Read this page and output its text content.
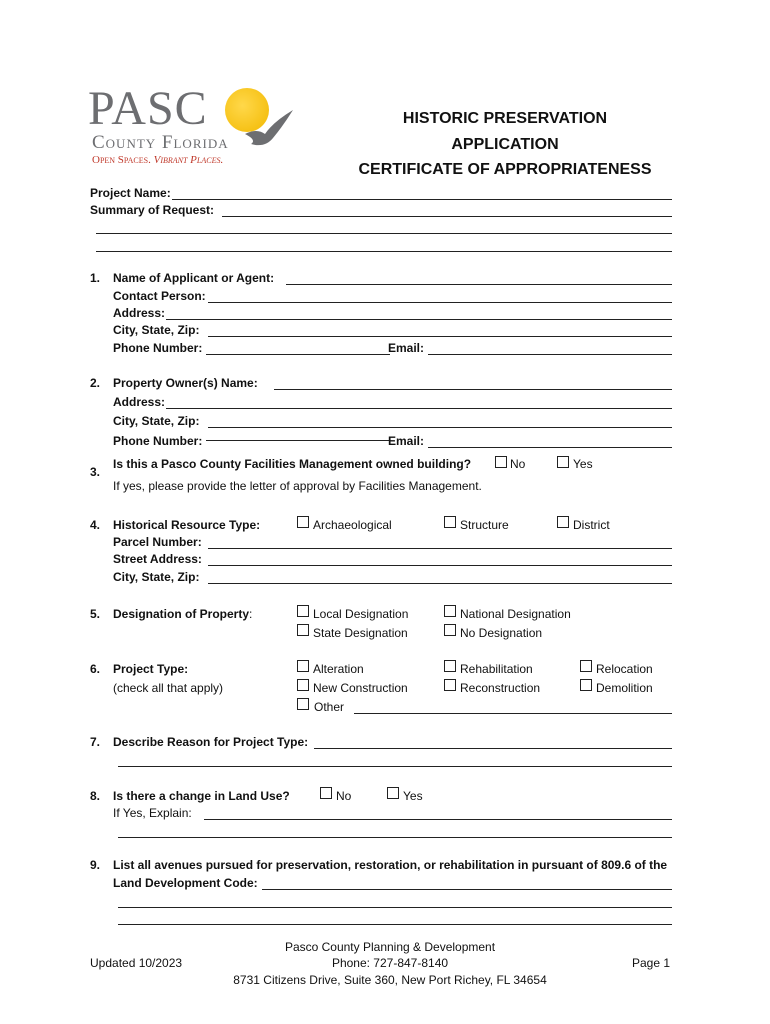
PASC
County Florida
Open Spaces. Vibrant Places.
HISTORIC PRESERVATION
APPLICATION
CERTIFICATE OF APPROPRIATENESS
Project Name:
Summary of Request:
1. Name of Applicant or Agent:
Contact Person:
Address:
City, State, Zip:
Phone Number:	Email:
2. Property Owner(s) Name:
Address:
City, State, Zip:
Phone Number:	Email:
3.
Is this a Pasco County Facilities Management owned building?	No	Yes
If yes, please provide the letter of approval by Facilities Management.
4. Historical Resource Type:	Archaeological	Structure	District
Parcel Number:
Street Address:
City, State, Zip:
5. Designation of Property:	Local Designation	National Designation
State Designation	No Designation
6. Project Type:
(check all that apply)
Alteration	Rehabilitation	Relocation
New Construction	Reconstruction	Demolition
Other
7. Describe Reason for Project Type:
8. Is there a change in Land Use?	No	Yes
If Yes, Explain:
9. List all avenues pursued for preservation, restoration, or rehabilitation in pursuant of 809.6 of the
Land Development Code:
Updated 10/2023
Pasco County Planning & Development
Phone: 727-847-8140
8731 Citizens Drive, Suite 360, New Port Richey, FL 34654
Page 1
